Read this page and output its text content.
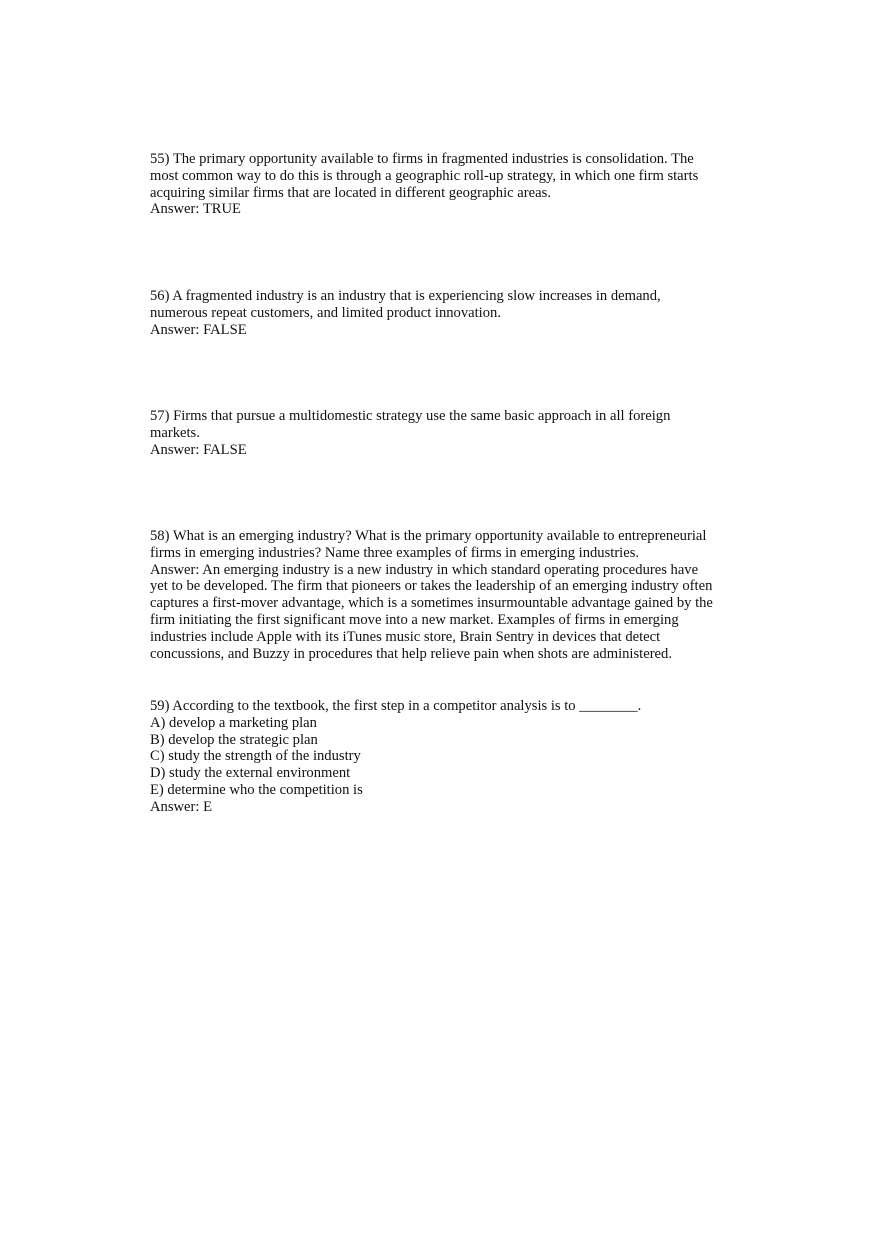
55) The primary opportunity available to firms in fragmented industries is consolidation. The
most common way to do this is through a geographic roll-up strategy, in which one firm starts
acquiring similar firms that are located in different geographic areas.
Answer: TRUE
56) A fragmented industry is an industry that is experiencing slow increases in demand,
numerous repeat customers, and limited product innovation.
Answer: FALSE
57) Firms that pursue a multidomestic strategy use the same basic approach in all foreign
markets.
Answer: FALSE
58) What is an emerging industry? What is the primary opportunity available to entrepreneurial
firms in emerging industries? Name three examples of firms in emerging industries.
Answer: An emerging industry is a new industry in which standard operating procedures have
yet to be developed. The firm that pioneers or takes the leadership of an emerging industry often
captures a first-mover advantage, which is a sometimes insurmountable advantage gained by the
firm initiating the first significant move into a new market. Examples of firms in emerging
industries include Apple with its iTunes music store, Brain Sentry in devices that detect
concussions, and Buzzy in procedures that help relieve pain when shots are administered.
59) According to the textbook, the first step in a competitor analysis is to ________.
A) develop a marketing plan
B) develop the strategic plan
C) study the strength of the industry
D) study the external environment
E) determine who the competition is
Answer: E
